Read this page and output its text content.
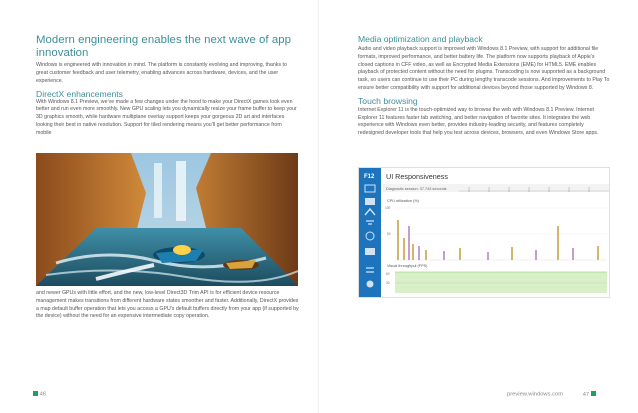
Modern engineering enables the next wave of app innovation

Windows is engineered with innovation in mind. The platform is constantly evolving and improving, thanks to great customer feedback and user telemetry, enabling advances across hardware, devices, and the user experience.

DirectX enhancements

With Windows 8.1 Preview, we’ve made a few changes under the hood to make your DirectX games look even better and run even more smoothly. New GPU scaling lets you dynamically resize your frame buffer to keep your 3D graphics smooth, while hardware multiplane overlay support keeps your gorgeous 2D art and interfaces looking their best in native resolution. Support for tiled rendering means you’ll get better performance from mobile

and newer GPUs with little effort, and the new, low-level Direct3D Trim API is for efficient device resource management makes transitions from different hardware states smoother and faster. Additionally, DirectX provides a map default buffer operation that lets you access a GPU’s default buffers directly from your app (if supported by the device) without the need for an expensive intermediate copy operation.

Media optimization and playback

Audio and video playback support is improved with Windows 8.1 Preview, with support for additional file formats, improved performance, and better battery life. The platform now supports playback of Apple’s closed captions in CFF video, as well as Encrypted Media Extensions (EME) for HTML5. EME enables playback of protected content without the need for plugins. Transcoding is now supported as a background task, so users can continue to use their PC during lengthy transcode sessions. And improvements to Play To ensure better compatibility with support for additional devices beyond those supported by Windows 8.

Touch browsing

Internet Explorer 11 is the touch-optimized way to browse the web with Windows 8.1 Preview. Internet Explorer 11 features faster tab switching, and better navigation of favorite sites. It integrates the web experience with Windows even better, provides industry-leading security, and features completely redesigned developer tools that help you test across devices, browsers, and even Windows Store apps.

F12 UI Responsiveness
Diagnostic session: 37.743 seconds
CPU utilization (%)
100
50
Visual throughput (FPS)
60
30
46	preview.windows.com	47
